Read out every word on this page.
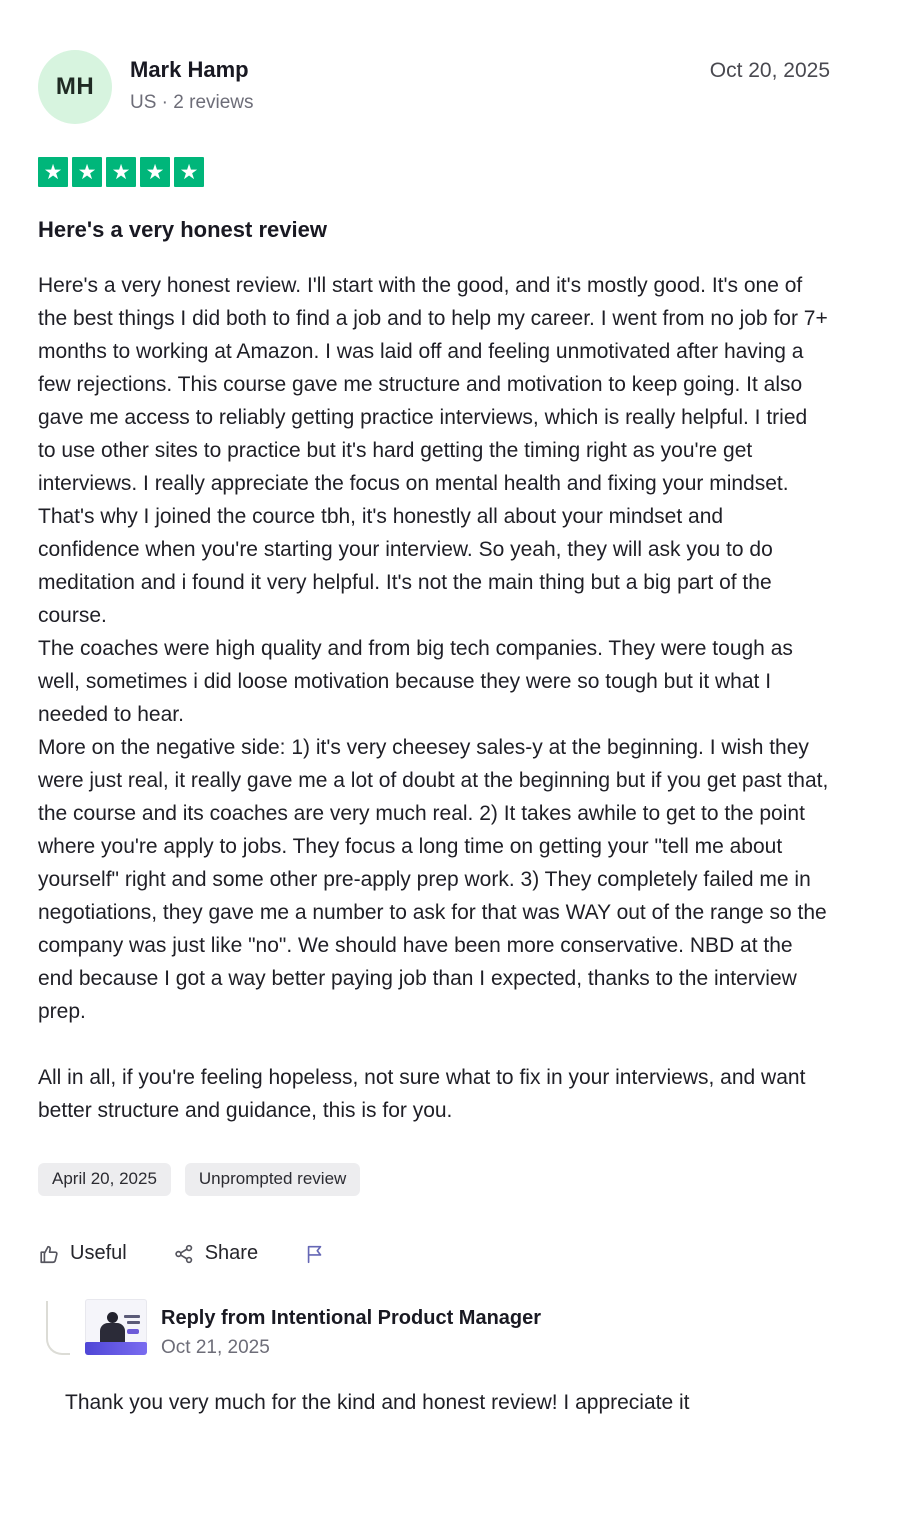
MH
Mark Hamp
US · 2 reviews
Oct 20, 2025
★ ★ ★ ★ ★
Here's a very honest review

Here's a very honest review. I'll start with the good, and it's mostly good. It's one of the best things I did both to find a job and to help my career. I went from no job for 7+ months to working at Amazon. I was laid off and feeling unmotivated after having a few rejections. This course gave me structure and motivation to keep going. It also gave me access to reliably getting practice interviews, which is really helpful. I tried to use other sites to practice but it's hard getting the timing right as you're get interviews. I really appreciate the focus on mental health and fixing your mindset. That's why I joined the cource tbh, it's honestly all about your mindset and confidence when you're starting your interview. So yeah, they will ask you to do meditation and i found it very helpful. It's not the main thing but a big part of the course.

The coaches were high quality and from big tech companies. They were tough as well, sometimes i did loose motivation because they were so tough but it what I needed to hear.

More on the negative side: 1) it's very cheesey sales-y at the beginning. I wish they were just real, it really gave me a lot of doubt at the beginning but if you get past that, the course and its coaches are very much real. 2) It takes awhile to get to the point where you're apply to jobs. They focus a long time on getting your "tell me about yourself" right and some other pre-apply prep work. 3) They completely failed me in negotiations, they gave me a number to ask for that was WAY out of the range so the company was just like "no". We should have been more conservative. NBD at the end because I got a way better paying job than I expected, thanks to the interview prep.

All in all, if you're feeling hopeless, not sure what to fix in your interviews, and want better structure and guidance, this is for you.

April 20, 2025	Unprompted review
Useful	Share
Reply from Intentional Product Manager
Oct 21, 2025

Thank you very much for the kind and honest review! I appreciate it
